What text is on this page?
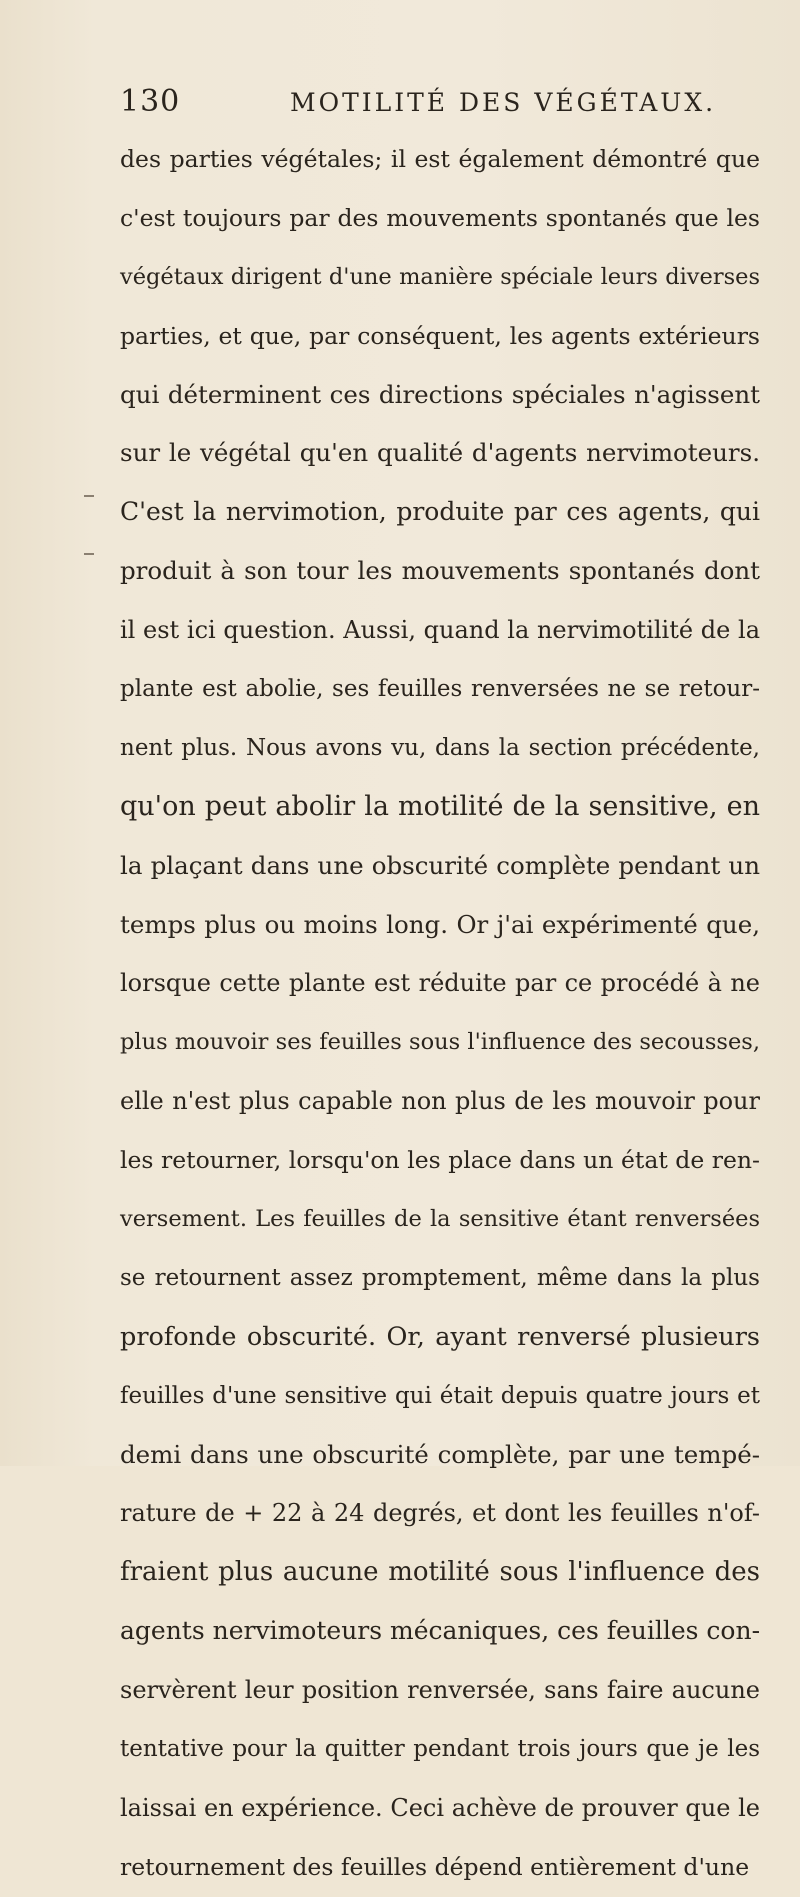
130	MOTILITÉ DES VÉGÉTAUX.
des parties végétales; il est également démontré que
c'est toujours par des mouvements spontanés que les
végétaux dirigent d'une manière spéciale leurs diverses
parties, et que, par conséquent, les agents extérieurs
qui déterminent ces directions spéciales n'agissent
sur le végétal qu'en qualité d'agents nervimoteurs.
C'est la nervimotion, produite par ces agents, qui
produit à son tour les mouvements spontanés dont
il est ici question. Aussi, quand la nervimotilité de la
plante est abolie, ses feuilles renversées ne se retour-
nent plus. Nous avons vu, dans la section précédente,
qu'on peut abolir la motilité de la sensitive, en
la plaçant dans une obscurité complète pendant un
temps plus ou moins long. Or j'ai expérimenté que,
lorsque cette plante est réduite par ce procédé à ne
plus mouvoir ses feuilles sous l'influence des secousses,
elle n'est plus capable non plus de les mouvoir pour
les retourner, lorsqu'on les place dans un état de ren-
versement. Les feuilles de la sensitive étant renversées
se retournent assez promptement, même dans la plus
profonde obscurité. Or, ayant renversé plusieurs
feuilles d'une sensitive qui était depuis quatre jours et
demi dans une obscurité complète, par une tempé-
rature de + 22 à 24 degrés, et dont les feuilles n'of-
fraient plus aucune motilité sous l'influence des
agents nervimoteurs mécaniques, ces feuilles con-
servèrent leur position renversée, sans faire aucune
tentative pour la quitter pendant trois jours que je les
laissai en expérience. Ceci achève de prouver que le
retournement des feuilles dépend entièrement d'une
